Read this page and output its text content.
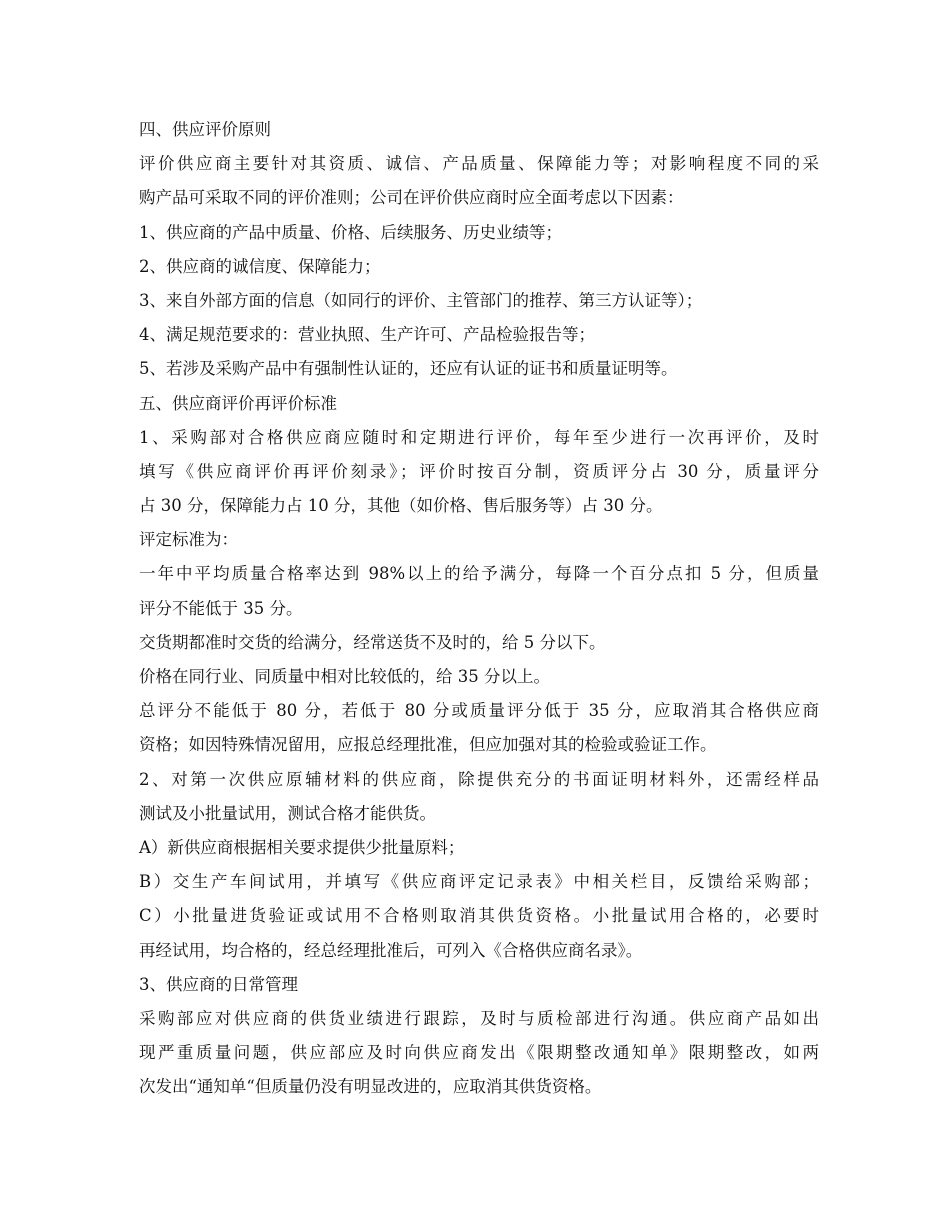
四、供应评价原则
评价供应商主要针对其资质、诚信、产品质量、保障能力等；对影响程度不同的采
购产品可采取不同的评价准则；公司在评价供应商时应全面考虑以下因素：
1、供应商的产品中质量、价格、后续服务、历史业绩等；
2、供应商的诚信度、保障能力；
3、来自外部方面的信息（如同行的评价、主管部门的推荐、第三方认证等）；
4、满足规范要求的：营业执照、生产许可、产品检验报告等；
5、若涉及采购产品中有强制性认证的，还应有认证的证书和质量证明等。
五、供应商评价再评价标准
1、采购部对合格供应商应随时和定期进行评价，每年至少进行一次再评价，及时
填写《供应商评价再评价刻录》；评价时按百分制，资质评分占 30 分，质量评分
占 30 分，保障能力占 10 分，其他（如价格、售后服务等）占 30 分。
评定标准为：
一年中平均质量合格率达到 98%以上的给予满分，每降一个百分点扣 5 分，但质量
评分不能低于 35 分。
交货期都准时交货的给满分，经常送货不及时的，给 5 分以下。
价格在同行业、同质量中相对比较低的，给 35 分以上。
总评分不能低于 80 分，若低于 80 分或质量评分低于 35 分，应取消其合格供应商
资格；如因特殊情况留用，应报总经理批准，但应加强对其的检验或验证工作。
2、对第一次供应原辅材料的供应商，除提供充分的书面证明材料外，还需经样品
测试及小批量试用，测试合格才能供货。
A）新供应商根据相关要求提供少批量原料；
B）交生产车间试用，并填写《供应商评定记录表》中相关栏目，反馈给采购部；
C）小批量进货验证或试用不合格则取消其供货资格。小批量试用合格的，必要时
再经试用，均合格的，经总经理批准后，可列入《合格供应商名录》。
3、供应商的日常管理
采购部应对供应商的供货业绩进行跟踪，及时与质检部进行沟通。供应商产品如出
现严重质量问题，供应部应及时向供应商发出《限期整改通知单》限期整改，如两
次发出“通知单“但质量仍没有明显改进的，应取消其供货资格。
